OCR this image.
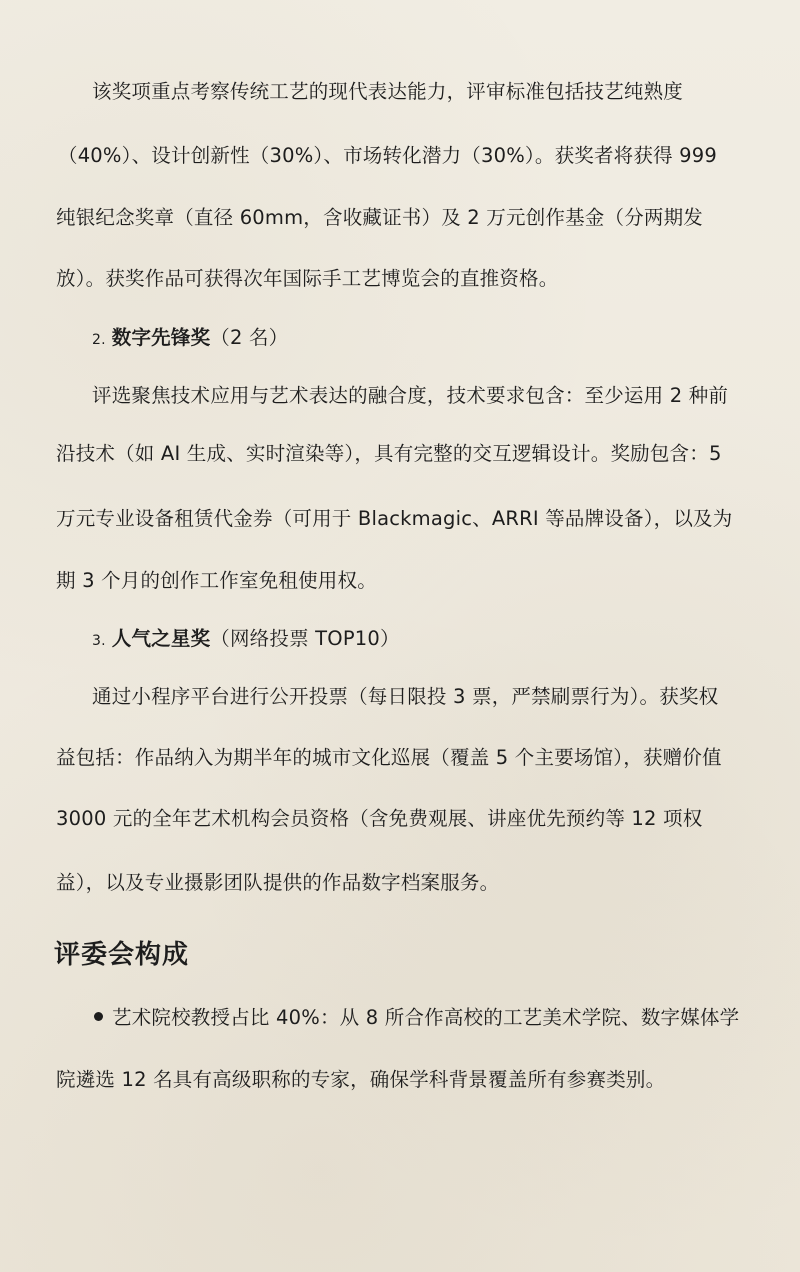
该奖项重点考察传统工艺的现代表达能力，评审标准包括技艺纯熟度
（40%）、设计创新性（30%）、市场转化潜力（30%）。获奖者将获得 999
纯银纪念奖章（直径 60mm，含收藏证书）及 2 万元创作基金（分两期发
放）。获奖作品可获得次年国际手工艺博览会的直推资格。
2. 数字先锋奖（2 名）
评选聚焦技术应用与艺术表达的融合度，技术要求包含：至少运用 2 种前
沿技术（如 AI 生成、实时渲染等），具有完整的交互逻辑设计。奖励包含：5
万元专业设备租赁代金券（可用于 Blackmagic、ARRI 等品牌设备），以及为
期 3 个月的创作工作室免租使用权。
3. 人气之星奖（网络投票 TOP10）
通过小程序平台进行公开投票（每日限投 3 票，严禁刷票行为）。获奖权
益包括：作品纳入为期半年的城市文化巡展（覆盖 5 个主要场馆），获赠价值
3000 元的全年艺术机构会员资格（含免费观展、讲座优先预约等 12 项权
益），以及专业摄影团队提供的作品数字档案服务。
评委会构成
艺术院校教授占比 40%：从 8 所合作高校的工艺美术学院、数字媒体学
院遴选 12 名具有高级职称的专家，确保学科背景覆盖所有参赛类别。
